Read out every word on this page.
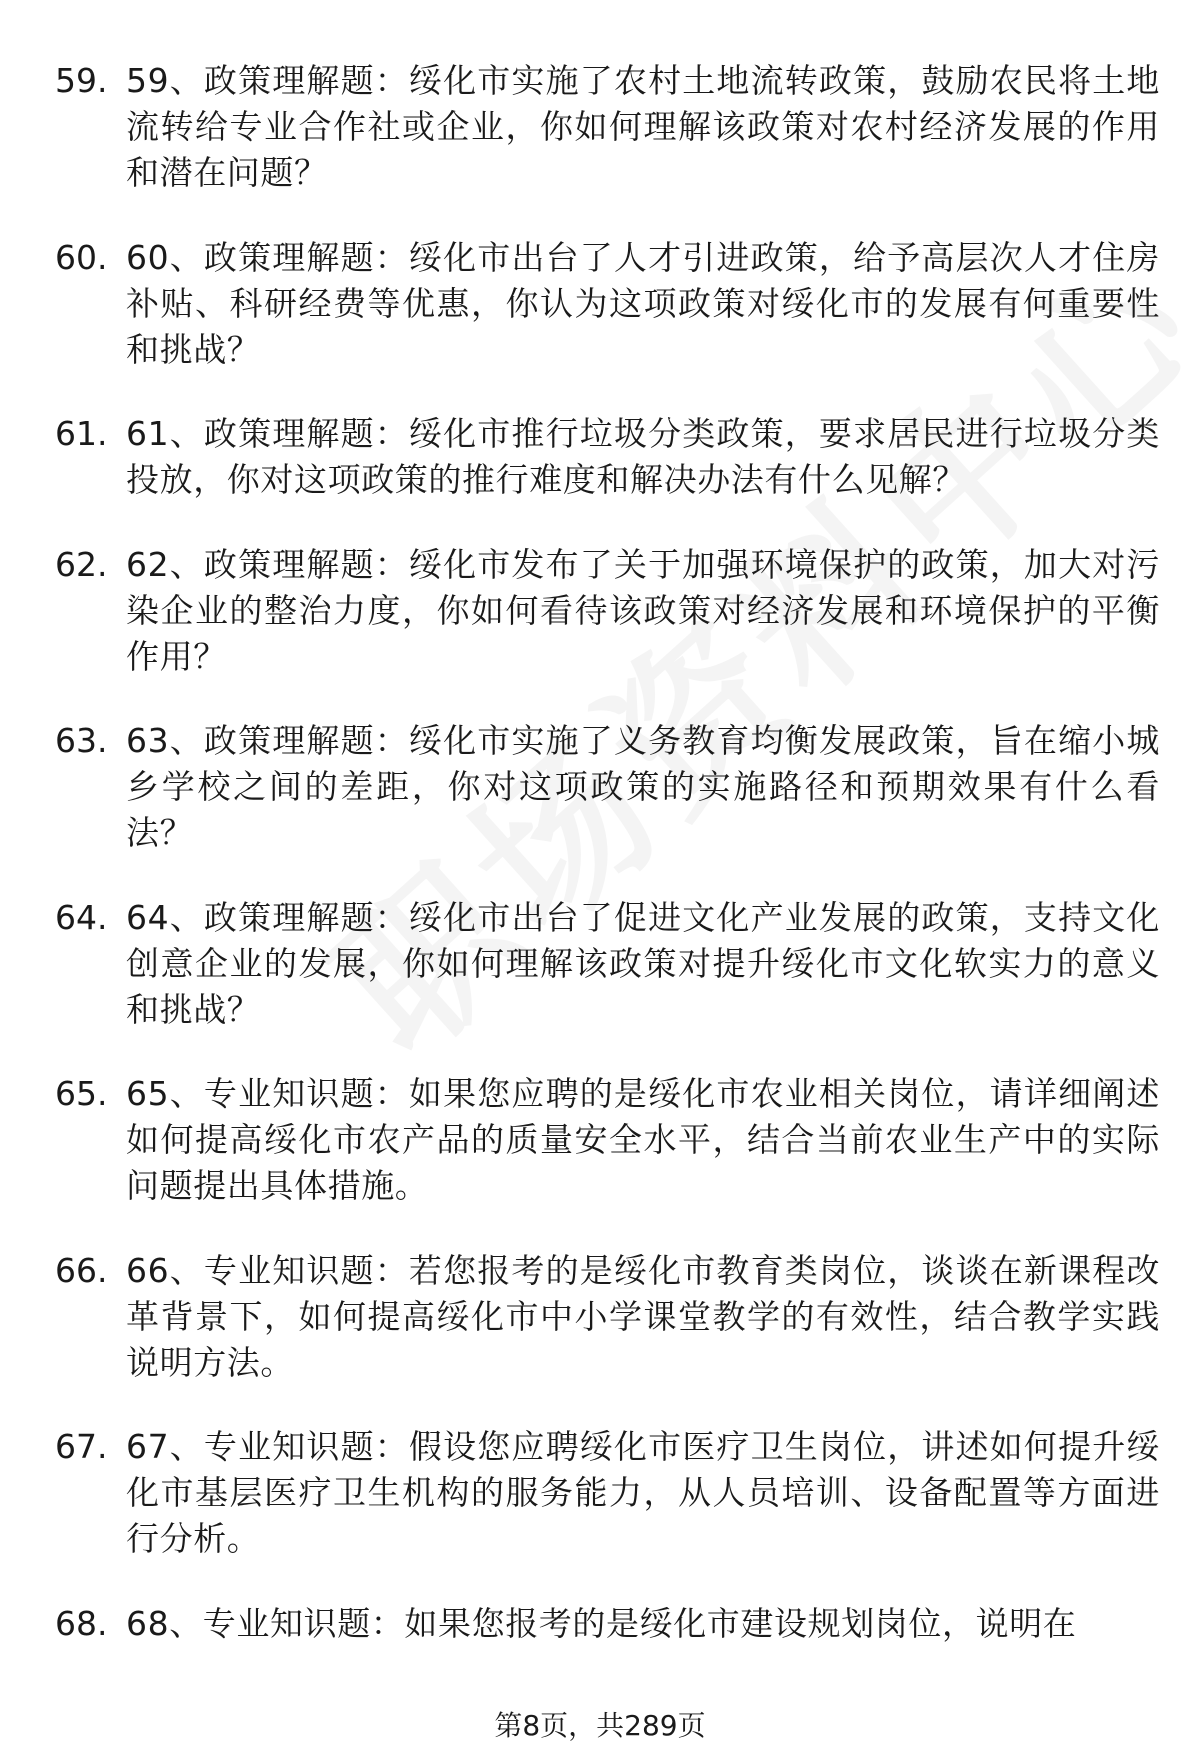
59. 59、政策理解题：绥化市实施了农村土地流转政策，鼓励农民将土地流转给专业合作社或企业，你如何理解该政策对农村经济发展的作用和潜在问题？
60. 60、政策理解题：绥化市出台了人才引进政策，给予高层次人才住房补贴、科研经费等优惠，你认为这项政策对绥化市的发展有何重要性和挑战？
61. 61、政策理解题：绥化市推行垃圾分类政策，要求居民进行垃圾分类投放，你对这项政策的推行难度和解决办法有什么见解？
62. 62、政策理解题：绥化市发布了关于加强环境保护的政策，加大对污染企业的整治力度，你如何看待该政策对经济发展和环境保护的平衡作用？
63. 63、政策理解题：绥化市实施了义务教育均衡发展政策，旨在缩小城乡学校之间的差距，你对这项政策的实施路径和预期效果有什么看法？
64. 64、政策理解题：绥化市出台了促进文化产业发展的政策，支持文化创意企业的发展，你如何理解该政策对提升绥化市文化软实力的意义和挑战？
65. 65、专业知识题：如果您应聘的是绥化市农业相关岗位，请详细阐述如何提高绥化市农产品的质量安全水平，结合当前农业生产中的实际问题提出具体措施。
66. 66、专业知识题：若您报考的是绥化市教育类岗位，谈谈在新课程改革背景下，如何提高绥化市中小学课堂教学的有效性，结合教学实践说明方法。
67. 67、专业知识题：假设您应聘绥化市医疗卫生岗位，讲述如何提升绥化市基层医疗卫生机构的服务能力，从人员培训、设备配置等方面进行分析。
68. 68、专业知识题：如果您报考的是绥化市建设规划岗位，说明在
第8页，共289页
